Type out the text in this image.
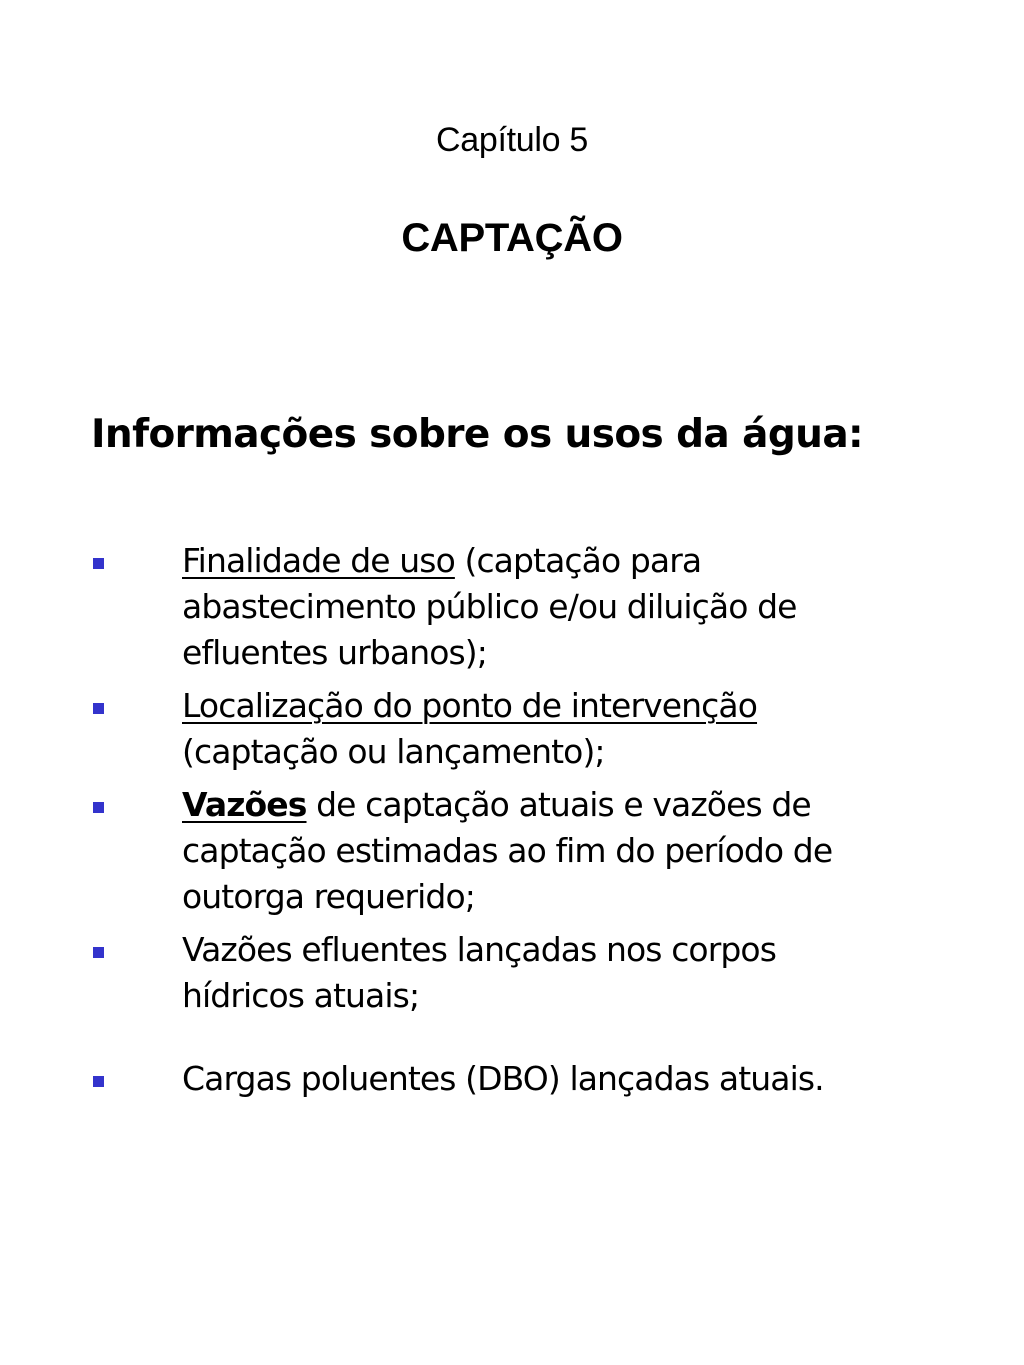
Capítulo 5
CAPTAÇÃO
Informações sobre os usos da água:

Finalidade de uso (captação para abastecimento público e/ou diluição de efluentes urbanos);

Localização do ponto de intervenção (captação ou lançamento);

Vazões de captação atuais e vazões de captação estimadas ao fim do período de outorga requerido;

Vazões efluentes lançadas nos corpos hídricos atuais;

Cargas poluentes (DBO) lançadas atuais.
